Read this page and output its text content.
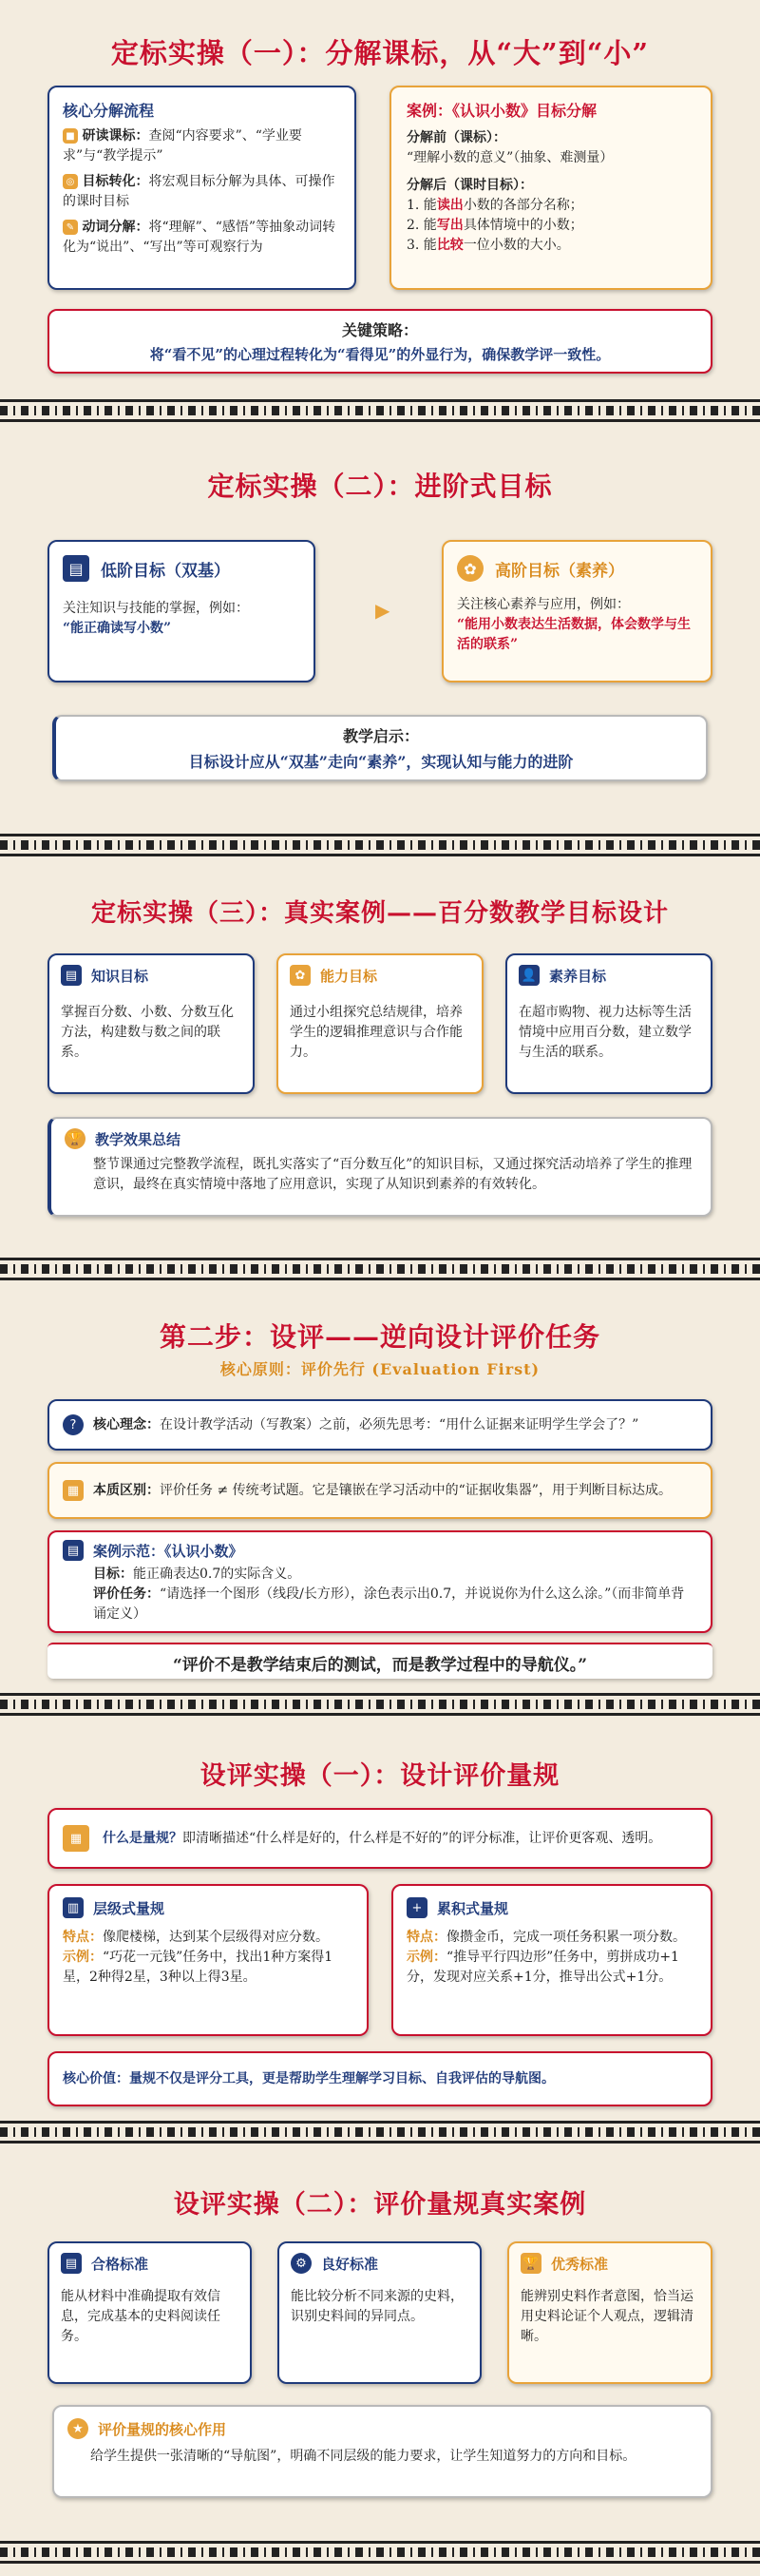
定标实操（一）：分解课标，从“大”到“小”
核心分解流程
■ 研读课标：查阅“内容要求”、“学业要求”与“教学提示”
◎ 目标转化：将宏观目标分解为具体、可操作的课时目标
✎ 动词分解：将“理解”、“感悟”等抽象动词转化为“说出”、“写出”等可观察行为
案例：《认识小数》目标分解
分解前（课标）：
“理解小数的意义”（抽象、难测量）
分解后（课时目标）：
1. 能读出小数的各部分名称；
2. 能写出具体情境中的小数；
3. 能比较一位小数的大小。
关键策略：
将“看不见”的心理过程转化为“看得见”的外显行为，确保教学评一致性。
定标实操（二）：进阶式目标
▤	低阶目标（双基）
关注知识与技能的掌握，例如：
“能正确读写小数”
▶
✿	高阶目标（素养）
关注核心素养与应用，例如：
“能用小数表达生活数据，体会数学与生活的联系”
教学启示：
目标设计应从“双基”走向“素养”，实现认知与能力的进阶
定标实操（三）：真实案例——百分数教学目标设计
▤ 知识目标
掌握百分数、小数、分数互化方法，构建数与数之间的联系。
✿	能力目标
通过小组探究总结规律，培养学生的逻辑推理意识与合作能力。
👤 素养目标
在超市购物、视力达标等生活情境中应用百分数，建立数学与生活的联系。
🏆 教学效果总结
整节课通过完整教学流程，既扎实落实了“百分数互化”的知识目标，又通过探究活动培养了学生的推理意识，最终在真实情境中落地了应用意识，实现了从知识到素养的有效转化。
第二步：设评——逆向设计评价任务
核心原则：评价先行 (Evaluation First)
?	核心理念：在设计教学活动（写教案）之前，必须先思考：“用什么证据来证明学生学会了？”
▦	本质区别：评价任务 ≠ 传统考试题。它是镶嵌在学习活动中的“证据收集器”，用于判断目标达成。
▤ 案例示范：《认识小数》
目标：能正确表达0.7的实际含义。
评价任务：“请选择一个图形（线段/长方形），涂色表示出0.7，并说说你为什么这么涂。”（而非简单背诵定义）
“评价不是教学结束后的测试，而是教学过程中的导航仪。”
设评实操（一）：设计评价量规
▦	什么是量规？即清晰描述“什么样是好的，什么样是不好的”的评分标准，让评价更客观、透明。
▥ 层级式量规
特点：像爬楼梯，达到某个层级得对应分数。
示例：“巧花一元钱”任务中，找出1种方案得1星，2种得2星，3种以上得3星。
+	累积式量规
特点：像攒金币，完成一项任务积累一项分数。
示例：“推导平行四边形”任务中，剪拼成功+1分，发现对应关系+1分，推导出公式+1分。
核心价值：量规不仅是评分工具，更是帮助学生理解学习目标、自我评估的导航图。
设评实操（二）：评价量规真实案例
▤ 合格标准
能从材料中准确提取有效信息，完成基本的史料阅读任务。
⚙	良好标准
能比较分析不同来源的史料，识别史料间的异同点。
🏆 优秀标准
能辨别史料作者意图，恰当运用史料论证个人观点，逻辑清晰。
★	评价量规的核心作用
给学生提供一张清晰的“导航图”，明确不同层级的能力要求，让学生知道努力的方向和目标。
